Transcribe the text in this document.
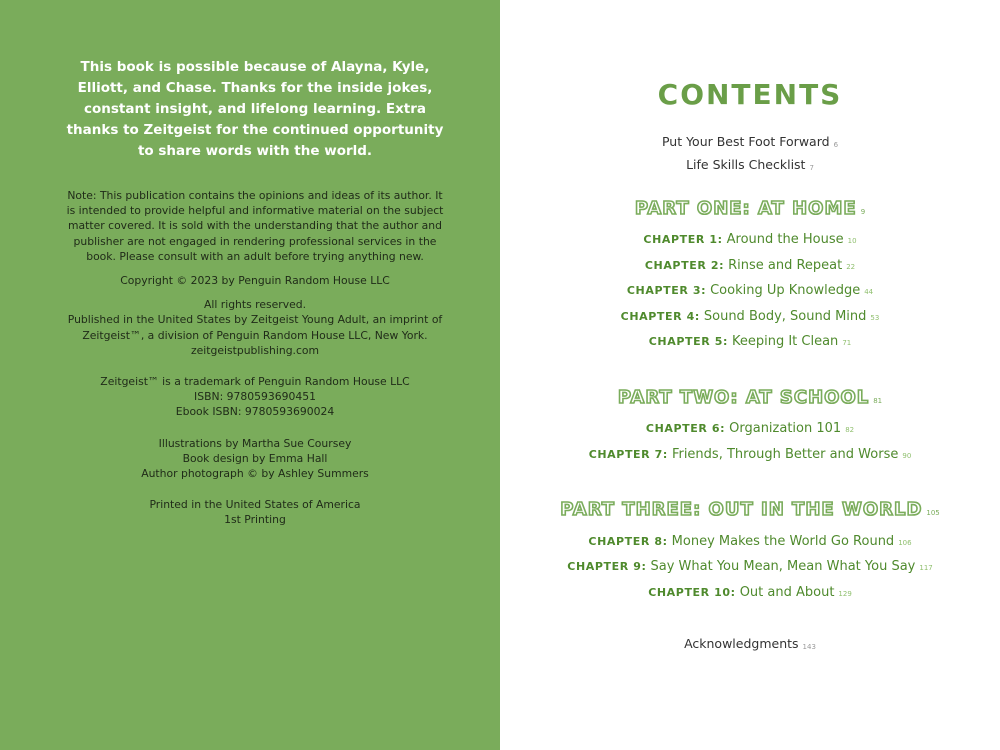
This book is possible because of Alayna, Kyle, Elliott, and Chase. Thanks for the inside jokes, constant insight, and lifelong learning. Extra thanks to Zeitgeist for the continued opportunity to share words with the world.

Note: This publication contains the opinions and ideas of its author. It is intended to provide helpful and informative material on the subject matter covered. It is sold with the understanding that the author and publisher are not engaged in rendering professional services in the book. Please consult with an adult before trying anything new.

Copyright © 2023 by Penguin Random House LLC

All rights reserved.

Published in the United States by Zeitgeist Young Adult, an imprint of Zeitgeist™, a division of Penguin Random House LLC, New York.

zeitgeistpublishing.com

Zeitgeist™ is a trademark of Penguin Random House LLC

ISBN: 9780593690451

Ebook ISBN: 9780593690024

Illustrations by Martha Sue Coursey

Book design by Emma Hall

Author photograph © by Ashley Summers

Printed in the United States of America

1st Printing

CONTENTS
Put Your Best Foot Forward 6
Life Skills Checklist 7
PART ONE: AT HOME 9
CHAPTER 1: Around the House 10
CHAPTER 2: Rinse and Repeat 22
CHAPTER 3: Cooking Up Knowledge 44
CHAPTER 4: Sound Body, Sound Mind 53
CHAPTER 5: Keeping It Clean 71
PART TWO: AT SCHOOL 81
CHAPTER 6: Organization 101 82
CHAPTER 7: Friends, Through Better and Worse 90
PART THREE: OUT IN THE WORLD 105
CHAPTER 8: Money Makes the World Go Round 106
CHAPTER 9: Say What You Mean, Mean What You Say 117
CHAPTER 10: Out and About 129
Acknowledgments 143
